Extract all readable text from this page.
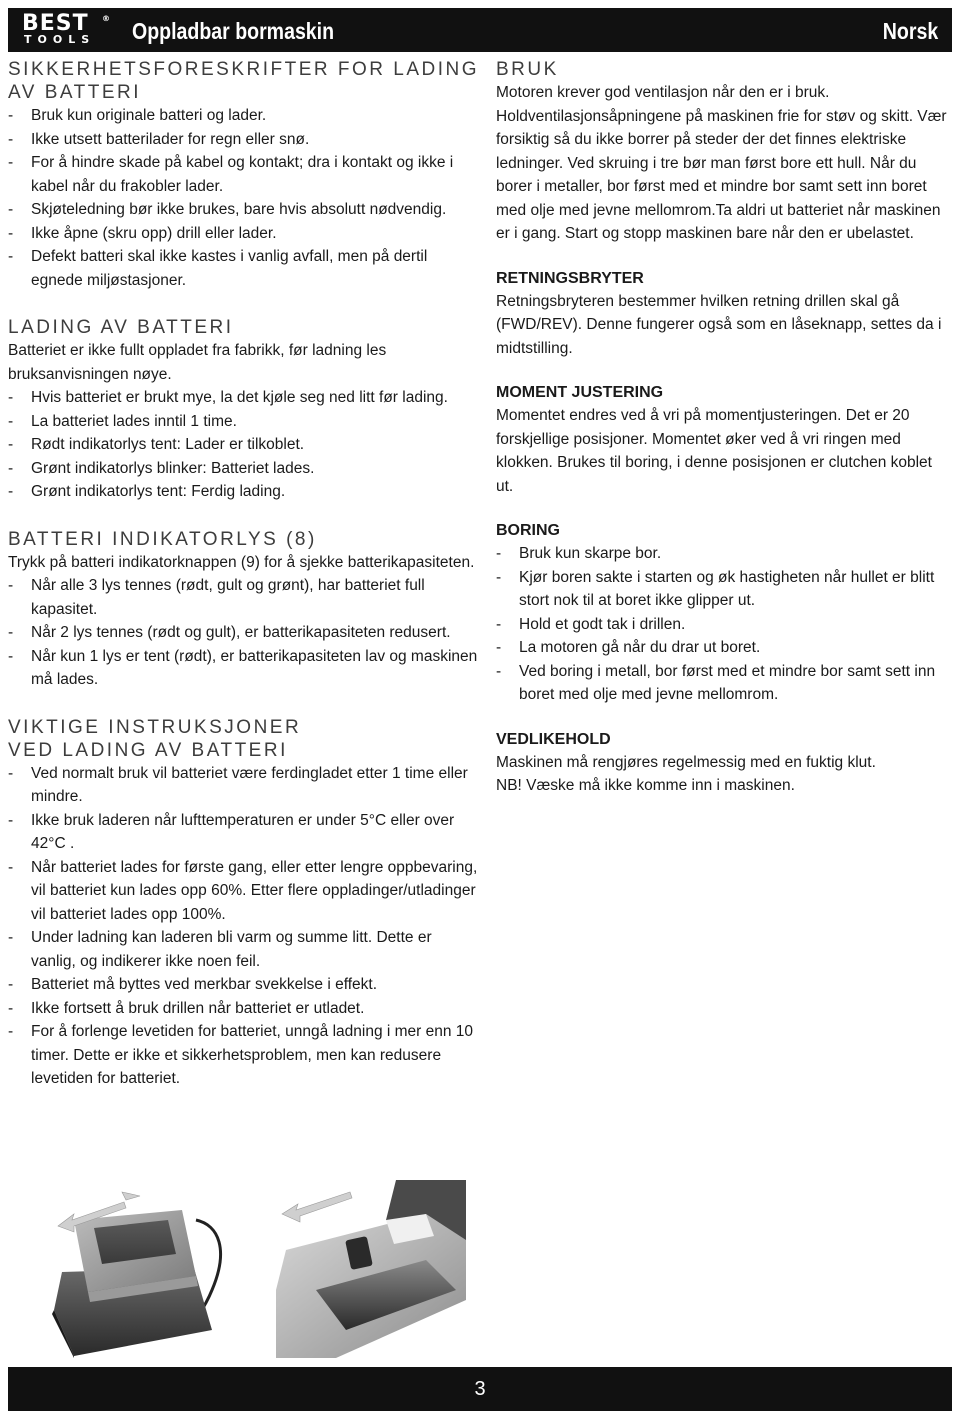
BEST ®
TOOLS Oppladbar bormaskin	Norsk
SIKKERHETSFORESKRIFTER FOR LADING AV BATTERI
- Bruk kun originale batteri og lader.
- Ikke utsett batterilader for regn eller snø.
- For å hindre skade på kabel og kontakt; dra i kontakt og ikke i kabel når du frakobler lader.
- Skjøteledning bør ikke brukes, bare hvis absolutt nødvendig.
- Ikke åpne (skru opp) drill eller lader.
- Defekt batteri skal ikke kastes i vanlig avfall, men på dertil egnede miljøstasjoner.
LADING AV BATTERI

Batteriet er ikke fullt oppladet fra fabrikk, før ladning les bruksanvisningen nøye.

- Hvis batteriet er brukt mye, la det kjøle seg ned litt før lading.
- La batteriet lades inntil 1 time.
- Rødt indikatorlys tent: Lader er tilkoblet.
- Grønt indikatorlys blinker: Batteriet lades.
- Grønt indikatorlys tent: Ferdig lading.
BATTERI INDIKATORLYS (8)

Trykk på batteri indikatorknappen (9) for å sjekke batterikapasiteten.

- Når alle 3 lys tennes (rødt, gult og grønt), har batteriet full kapasitet.
- Når 2 lys tennes (rødt og gult), er batterikapasiteten redusert.
- Når kun 1 lys er tent (rødt), er batterikapasiteten lav og maskinen må lades.
VIKTIGE INSTRUKSJONER VED LADING AV BATTERI
- Ved normalt bruk vil batteriet være ferdingladet etter 1 time eller mindre.
- Ikke bruk laderen når lufttemperaturen er under 5°C eller over 42°C .
- Når batteriet lades for første gang, eller etter lengre oppbevaring, vil batteriet kun lades opp 60%. Etter flere oppladinger/utladinger vil batteriet lades opp 100%.
- Under ladning kan laderen bli varm og summe litt. Dette er vanlig, og indikerer ikke noen feil.
- Batteriet må byttes ved merkbar svekkelse i effekt.
- Ikke fortsett å bruk drillen når batteriet er utladet.
- For å forlenge levetiden for batteriet, unngå ladning i mer enn 10 timer. Dette er ikke et sikkerhetsproblem, men kan redusere levetiden for batteriet.
BRUK

Motoren krever god ventilasjon når den er i bruk. Holdventilasjonsåpningene på maskinen frie for støv og skitt. Vær forsiktig så du ikke borrer på steder der det finnes elektriske ledninger. Ved skruing i tre bør man først bore ett hull. Når du borer i metaller, bor først med et mindre bor samt sett inn boret med olje med jevne mellomrom.Ta aldri ut batteriet når maskinen er i gang. Start og stopp maskinen bare når den er ubelastet.

RETNINGSBRYTER

Retningsbryteren bestemmer hvilken retning drillen skal gå (FWD/REV). Denne fungerer også som en låseknapp, settes da i midtstilling.

MOMENT JUSTERING

Momentet endres ved å vri på momentjusteringen. Det er 20 forskjellige posisjoner. Momentet øker ved å vri ringen med klokken. Brukes til boring, i denne posisjonen er clutchen koblet ut.

BORING
- Bruk kun skarpe bor.
- Kjør boren sakte i starten og øk hastigheten når hullet er blitt stort nok til at boret ikke glipper ut.
- Hold et godt tak i drillen.
- La motoren gå når du drar ut boret.
- Ved boring i metall, bor først med et mindre bor samt sett inn boret med olje med jevne mellomrom.
VEDLIKEHOLD

Maskinen må rengjøres regelmessig med en fuktig klut.

NB! Væske må ikke komme inn i maskinen.

3
